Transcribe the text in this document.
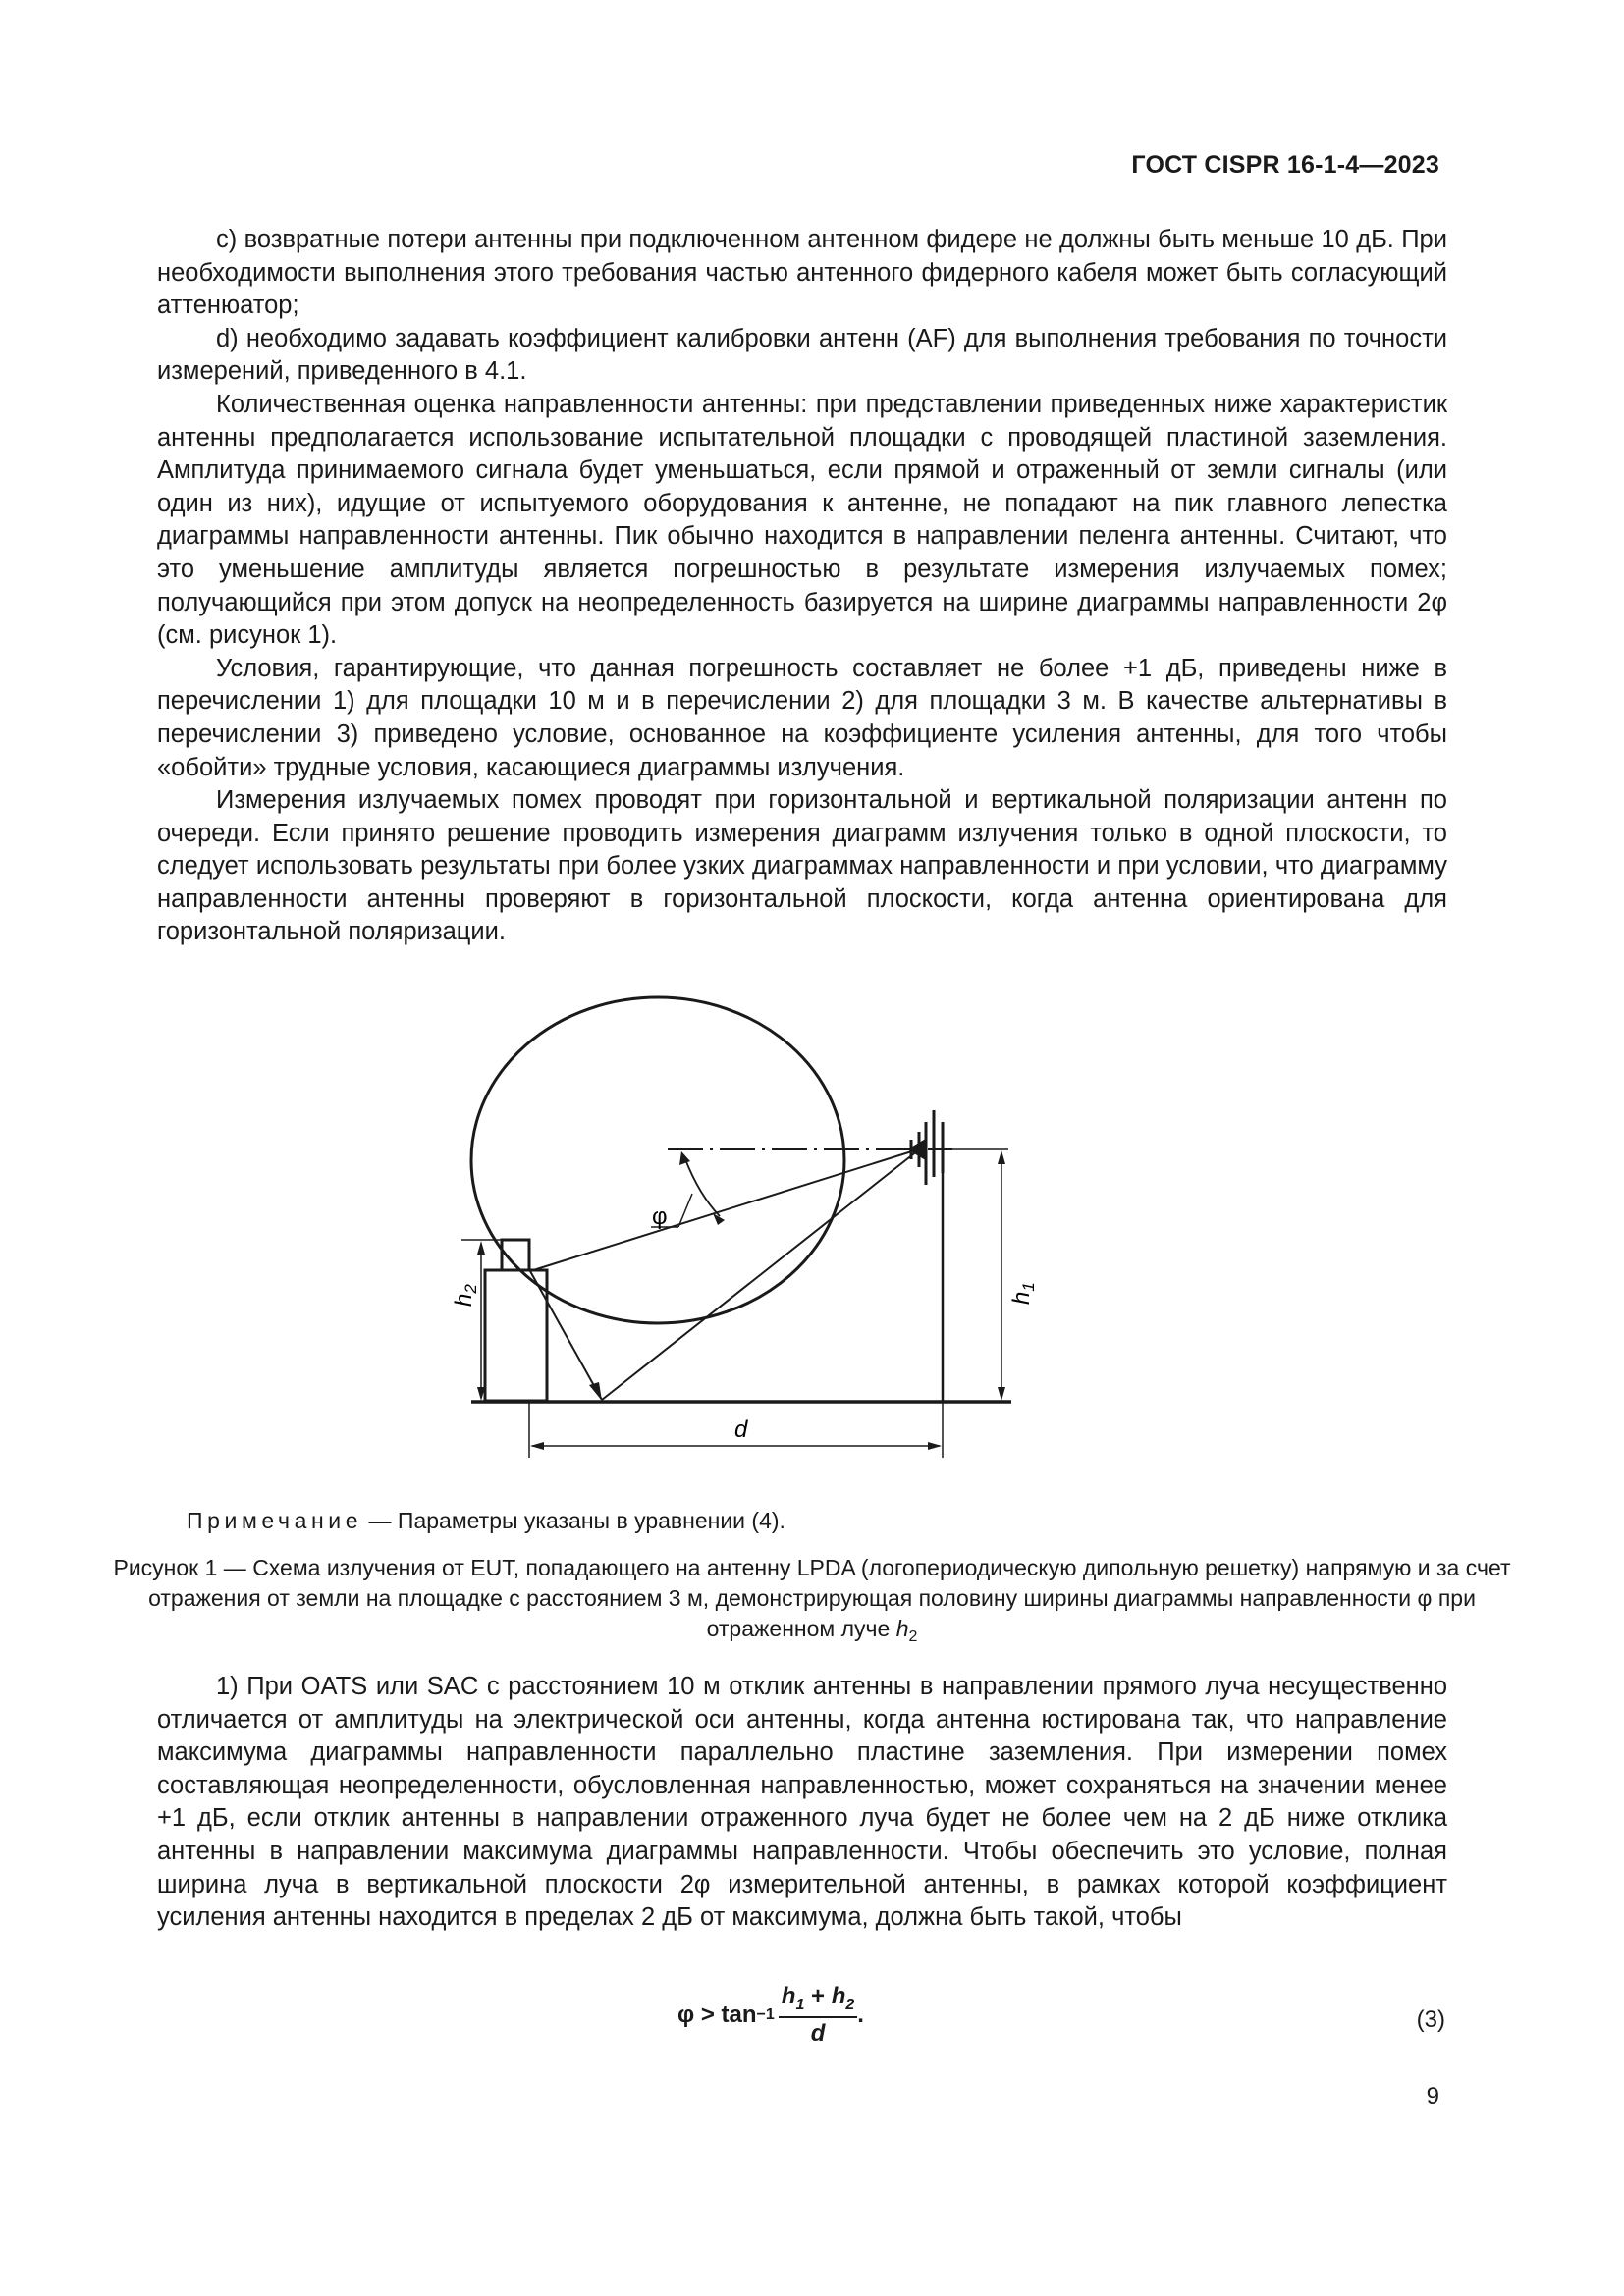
ГОСТ CISPR 16-1-4—2023

c) возвратные потери антенны при подключенном антенном фидере не должны быть меньше 10 дБ. При необходимости выполнения этого требования частью антенного фидерного кабеля может быть согласующий аттенюатор;

d) необходимо задавать коэффициент калибровки антенн (AF) для выполнения требования по точности измерений, приведенного в 4.1.

Количественная оценка направленности антенны: при представлении приведенных ниже характеристик антенны предполагается использование испытательной площадки с проводящей пластиной заземления. Амплитуда принимаемого сигнала будет уменьшаться, если прямой и отраженный от земли сигналы (или один из них), идущие от испытуемого оборудования к антенне, не попадают на пик главного лепестка диаграммы направленности антенны. Пик обычно находится в направлении пеленга антенны. Считают, что это уменьшение амплитуды является погрешностью в результате измерения излучаемых помех; получающийся при этом допуск на неопределенность базируется на ширине диаграммы направленности 2φ (см. рисунок 1).

Условия, гарантирующие, что данная погрешность составляет не более +1 дБ, приведены ниже в перечислении 1) для площадки 10 м и в перечислении 2) для площадки 3 м. В качестве альтернативы в перечислении 3) приведено условие, основанное на коэффициенте усиления антенны, для того чтобы «обойти» трудные условия, касающиеся диаграммы излучения.

Измерения излучаемых помех проводят при горизонтальной и вертикальной поляризации антенн по очереди. Если принято решение проводить измерения диаграмм излучения только в одной плоскости, то следует использовать результаты при более узких диаграммах направленности и при условии, что диаграмму направленности антенны проверяют в горизонтальной плоскости, когда антенна ориентирована для горизонтальной поляризации.

φ
d
$h_2$
$h_1$
Примечание — Параметры указаны в уравнении (4).
Рисунок 1 — Схема излучения от EUT, попадающего на антенну LPDA (логопериодическую дипольную решетку) напрямую и за счет отражения от земли на площадке с расстоянием 3 м, демонстрирующая половину ширины диаграммы направленности φ при отраженном луче $h_2$

1) При OATS или SAC с расстоянием 10 м отклик антенны в направлении прямого луча несущественно отличается от амплитуды на электрической оси антенны, когда антенна юстирована так, что направление максимума диаграммы направленности параллельно пластине заземления. При измерении помех составляющая неопределенности, обусловленная направленностью, может сохраняться на значении менее +1 дБ, если отклик антенны в направлении отраженного луча будет не более чем на 2 дБ ниже отклика антенны в направлении максимума диаграммы направленности. Чтобы обеспечить это условие, полная ширина луча в вертикальной плоскости 2φ измерительной антенны, в рамках которой коэффициент усиления антенны находится в пределах 2 дБ от максимума, должна быть такой, чтобы

$\varphi > \tan -1 \frac{h_1 + h_2}{d}$ .	(3)
9
